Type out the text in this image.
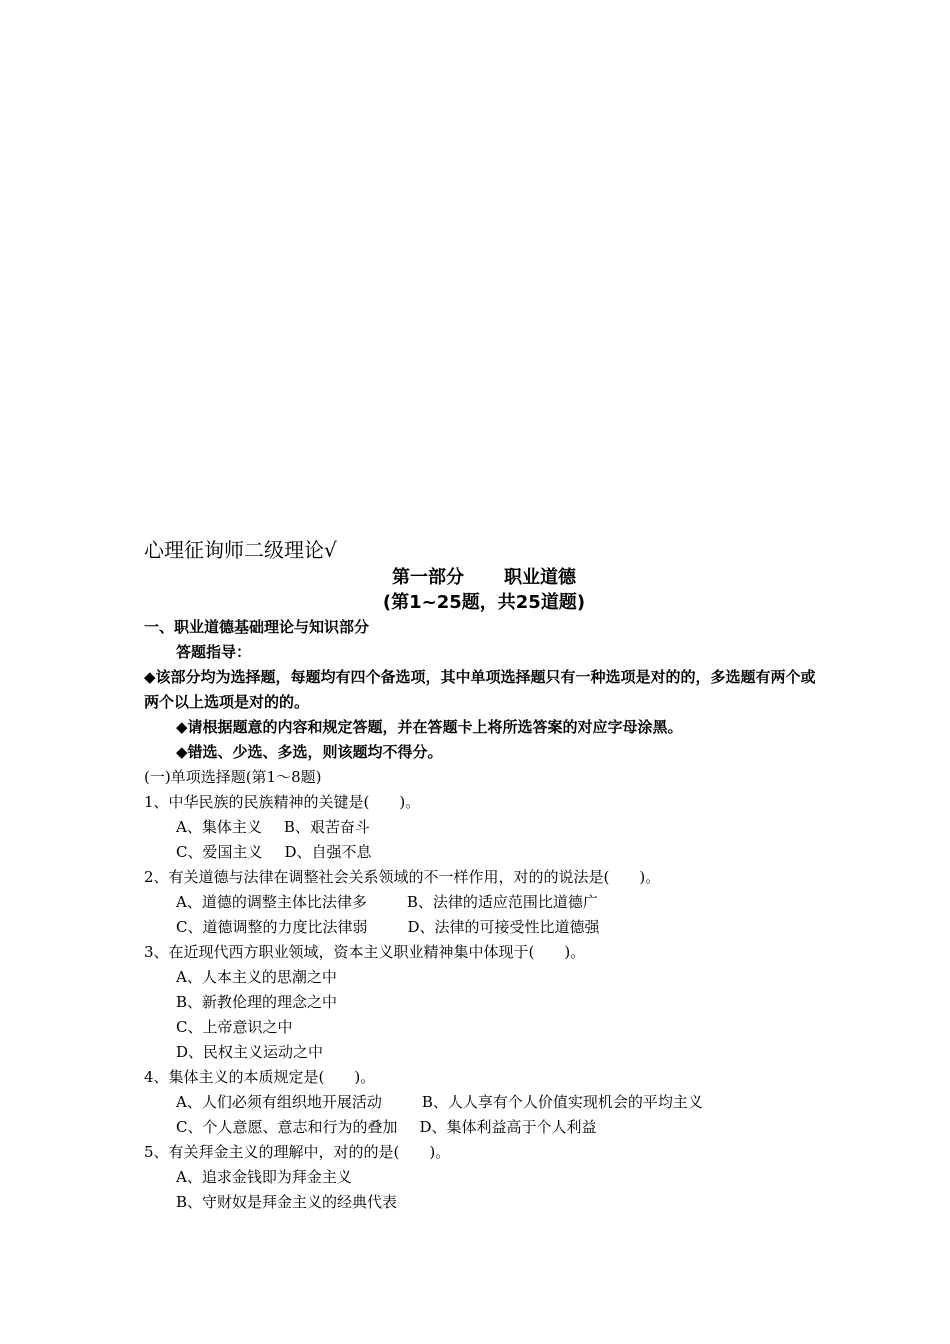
心理征询师二级理论√
第一部分 职业道德
(第1~25题，共25道题)
一、职业道德基础理论与知识部分
答题指导：
◆该部分均为选择题，每题均有四个备选项，其中单项选择题只有一种选项是对的的，多选题有两个或两个以上选项是对的的。
◆请根据题意的内容和规定答题，并在答题卡上将所选答案的对应字母涂黑。
◆错选、少选、多选，则该题均不得分。
(一)单项选择题(第1～8题)
1、中华民族的民族精神的关键是(　　)。
A、集体主义 B、艰苦奋斗
C、爱国主义 D、自强不息
2、有关道德与法律在调整社会关系领域的不一样作用，对的的说法是(　　)。
A、道德的调整主体比法律多	B、法律的适应范围比道德广
C、道德调整的力度比法律弱	D、法律的可接受性比道德强
3、在近现代西方职业领域，资本主义职业精神集中体现于(　　)。
A、人本主义的思潮之中
B、新教伦理的理念之中
C、上帝意识之中
D、民权主义运动之中
4、集体主义的本质规定是(　　)。
A、人们必须有组织地开展活动	B、人人享有个人价值实现机会的平均主义
C、个人意愿、意志和行为的叠加 D、集体利益高于个人利益
5、有关拜金主义的理解中，对的的是(　　)。
A、追求金钱即为拜金主义
B、守财奴是拜金主义的经典代表
